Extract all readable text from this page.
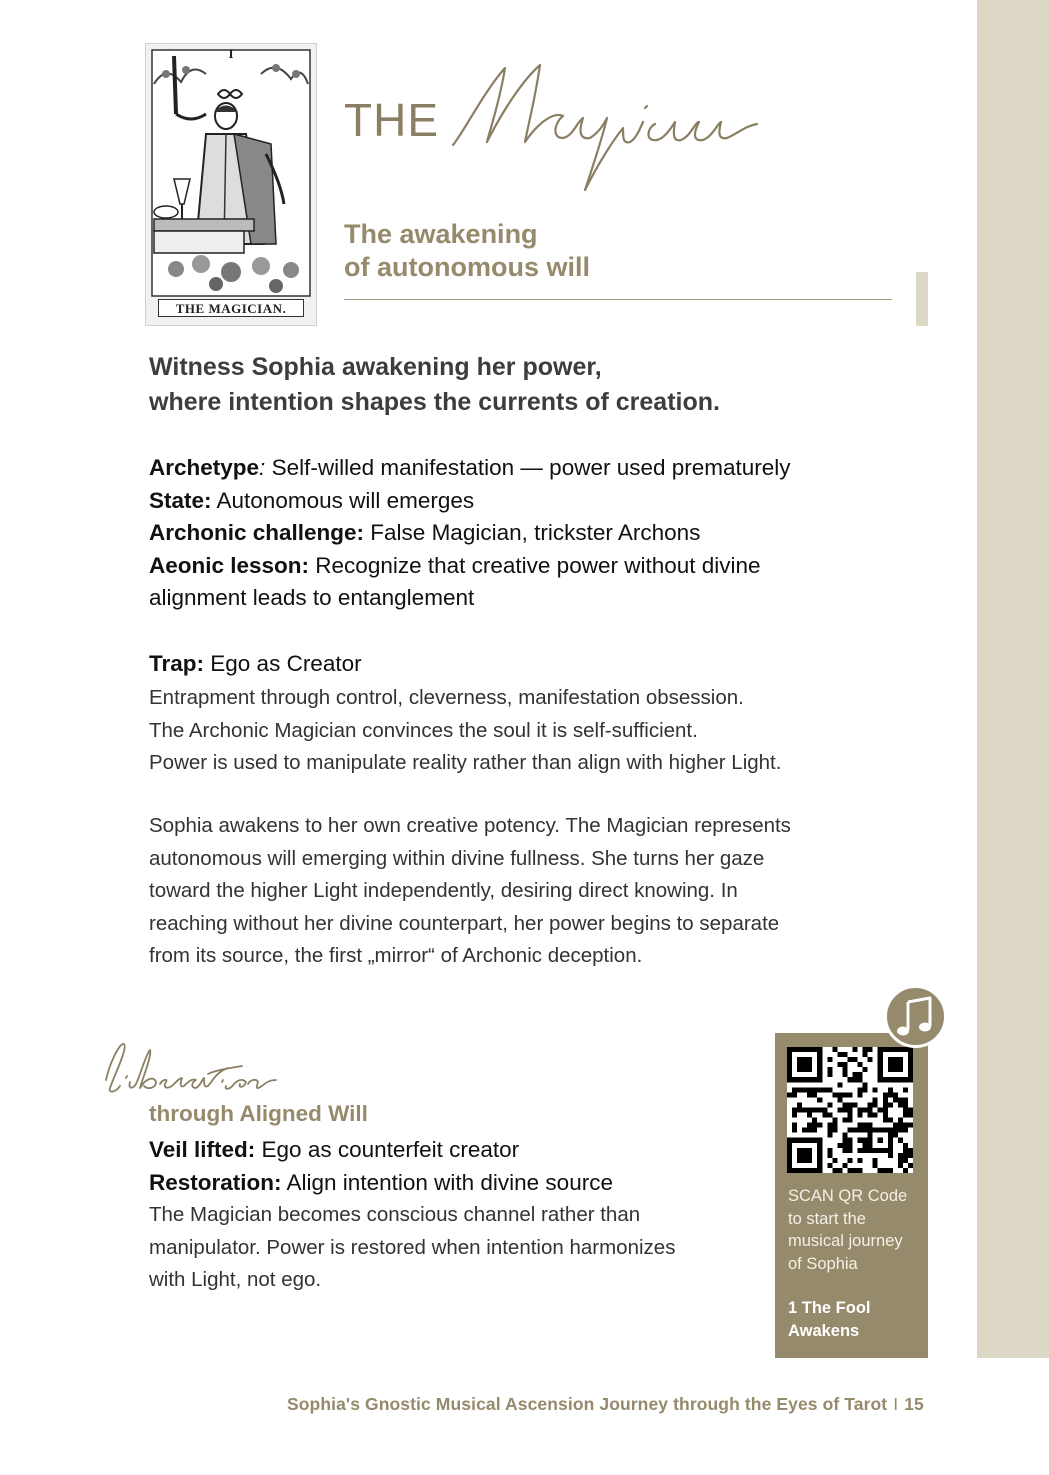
I
THE MAGICIAN.
THE
The awakening
of autonomous will
Witness Sophia awakening her power,
where intention shapes the currents of creation.
Archetype: Self-willed manifestation — power used prematurely
State: Autonomous will emerges
Archonic challenge: False Magician, trickster Archons
Aeonic lesson: Recognize that creative power without divine
alignment leads to entanglement
Trap: Ego as Creator
Entrapment through control, cleverness, manifestation obsession.
The Archonic Magician convinces the soul it is self-sufficient.
Power is used to manipulate reality rather than align with higher Light.
Sophia awakens to her own creative potency. The Magician represents
autonomous will emerging within divine fullness. She turns her gaze
toward the higher Light independently, desiring direct knowing. In
reaching without her divine counterpart, her power begins to separate
from its source, the first „mirror“ of Archonic deception.
through Aligned Will
Veil lifted: Ego as counterfeit creator
Restoration: Align intention with divine source
The Magician becomes conscious channel rather than
manipulator. Power is restored when intention harmonizes
with Light, not ego.
SCAN QR Code
to start the
musical journey
of Sophia
1 The Fool
Awakens
Sophia's Gnostic Musical Ascension Journey through the Eyes of Tarot I 15
